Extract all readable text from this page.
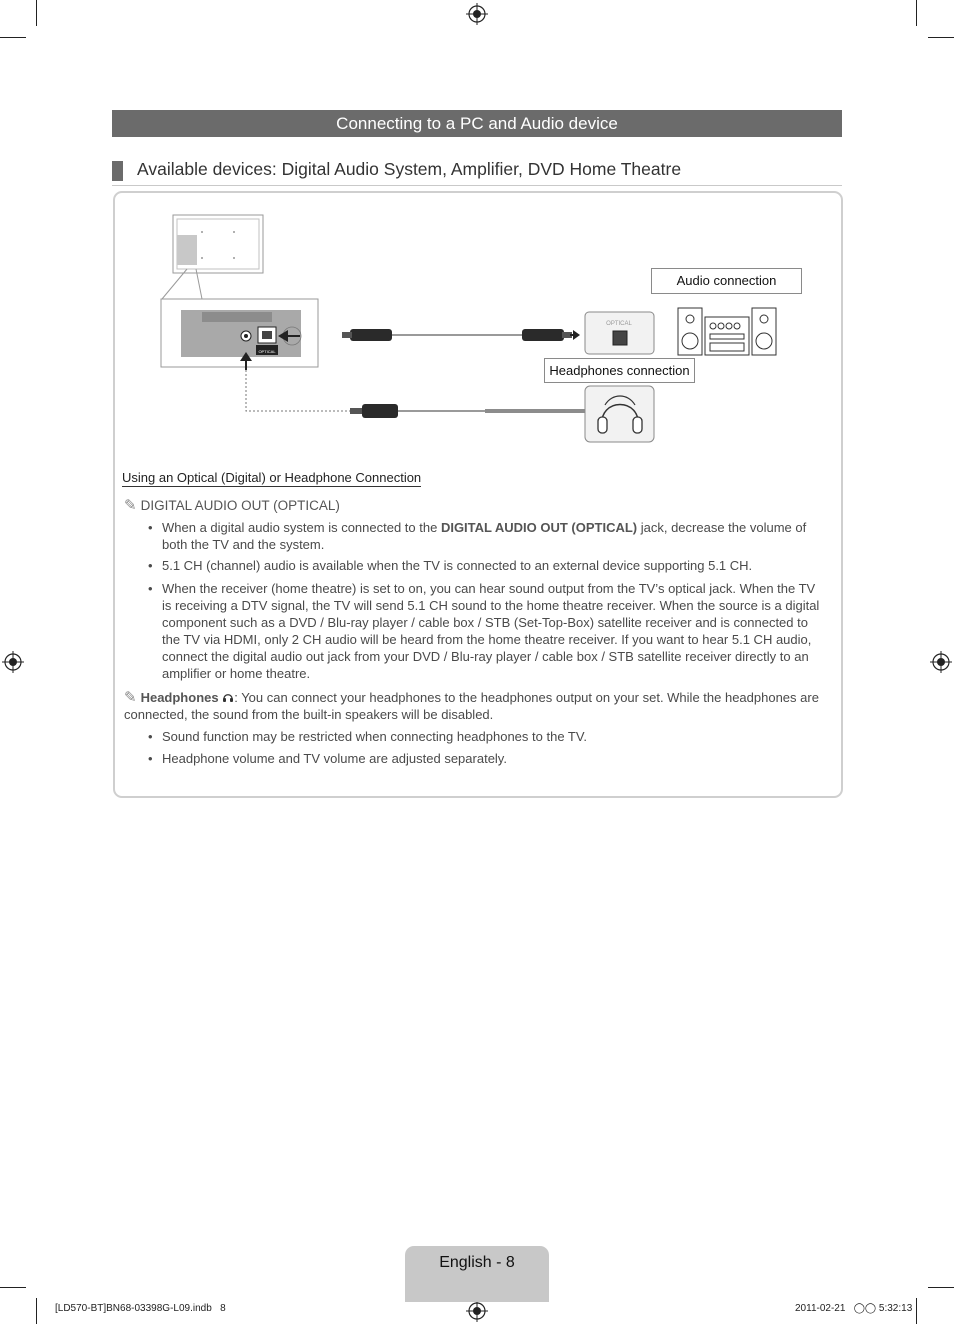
Connecting to a PC and Audio device
Available devices: Digital Audio System, Amplifier, DVD Home Theatre
OPTICAL
OPTICAL
Audio connection
Headphones connection
Using an Optical (Digital) or Headphone Connection
✎ DIGITAL AUDIO OUT (OPTICAL)
• When a digital audio system is connected to the DIGITAL AUDIO OUT (OPTICAL) jack, decrease the volume of both the TV and the system.
• 5.1 CH (channel) audio is available when the TV is connected to an external device supporting 5.1 CH.
• When the receiver (home theatre) is set to on, you can hear sound output from the TV’s optical jack. When the TV is receiving a DTV signal, the TV will send 5.1 CH sound to the home theatre receiver. When the source is a digital component such as a DVD / Blu-ray player / cable box / STB (Set-Top-Box) satellite receiver and is connected to the TV via HDMI, only 2 CH audio will be heard from the home theatre receiver. If you want to hear 5.1 CH audio, connect the digital audio out jack from your DVD / Blu-ray player / cable box / STB satellite receiver directly to an amplifier or home theatre.
✎ Headphones : You can connect your headphones to the headphones output on your set. While the headphones are connected, the sound from the built-in speakers will be disabled.
• Sound function may be restricted when connecting headphones to the TV.
• Headphone volume and TV volume are adjusted separately.
English - 8
[LD570-BT]BN68-03398G-L09.indb   8	2011-02-21   ◯◯ 5:32:13
